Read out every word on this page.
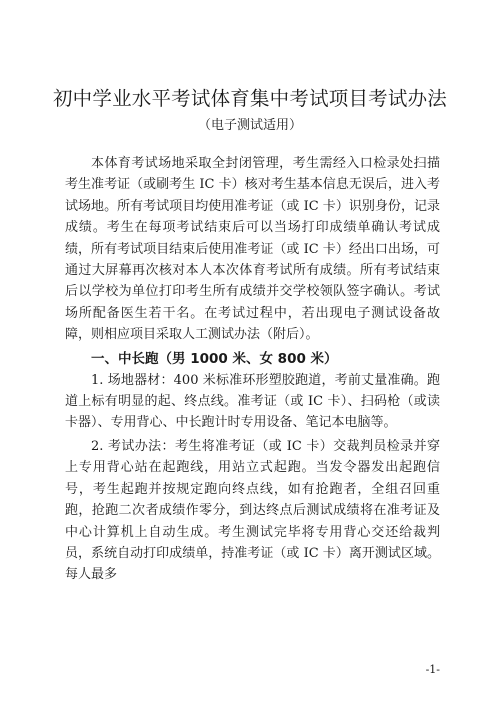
初中学业水平考试体育集中考试项目考试办法
（电子测试适用）

本体育考试场地采取全封闭管理，考生需经入口检录处扫描考生准考证（或刷考生 IC 卡）核对考生基本信息无误后，进入考试场地。所有考试项目均使用准考证（或 IC 卡）识别身份，记录成绩。考生在每项考试结束后可以当场打印成绩单确认考试成绩，所有考试项目结束后使用准考证（或 IC 卡）经出口出场，可通过大屏幕再次核对本人本次体育考试所有成绩。所有考试结束后以学校为单位打印考生所有成绩并交学校领队签字确认。考试场所配备医生若干名。在考试过程中，若出现电子测试设备故障，则相应项目采取人工测试办法（附后）。

一、中长跑（男 1000 米、女 800 米）

1. 场地器材：400 米标准环形塑胶跑道，考前丈量准确。跑道上标有明显的起、终点线。准考证（或 IC 卡）、扫码枪（或读卡器）、专用背心、中长跑计时专用设备、笔记本电脑等。

2. 考试办法：考生将准考证（或 IC 卡）交裁判员检录并穿上专用背心站在起跑线，用站立式起跑。当发令器发出起跑信号，考生起跑并按规定跑向终点线，如有抢跑者，全组召回重跑，抢跑二次者成绩作零分，到达终点后测试成绩将在准考证及中心计算机上自动生成。考生测试完毕将专用背心交还给裁判员，系统自动打印成绩单，持准考证（或 IC 卡）离开测试区域。每人最多

-1-
